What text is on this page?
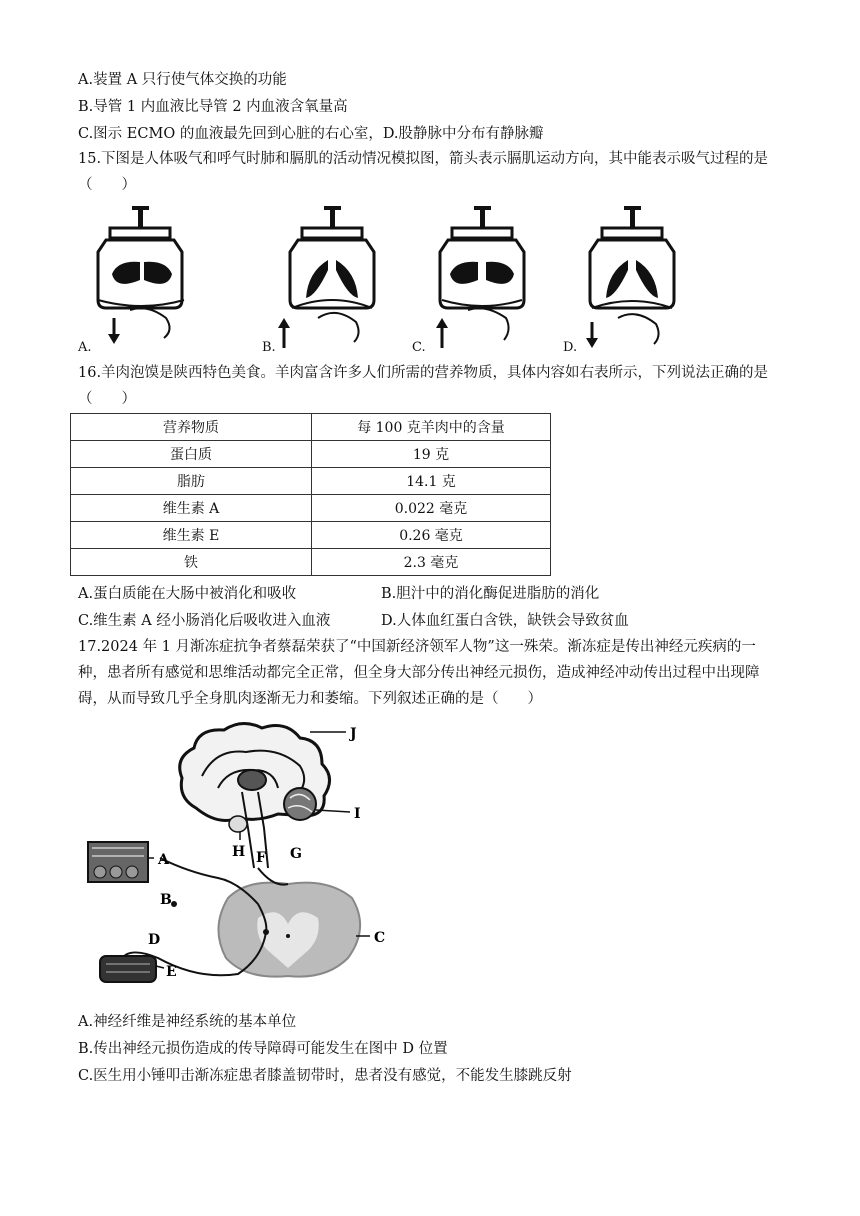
A.装置 A 只行使气体交换的功能
B.导管 1 内血液比导管 2 内血液含氧量高
C.图示 ECMO 的血液最先回到心脏的右心室，D.股静脉中分布有静脉瓣
15.下图是人体吸气和呼气时肺和膈肌的活动情况模拟图，箭头表示膈肌运动方向，其中能表示吸气过程的是（　　）
A.	B.	C.	D.
16.羊肉泡馍是陕西特色美食。羊肉富含许多人们所需的营养物质，具体内容如右表所示，下列说法正确的是（　　）
营养物质	每 100 克羊肉中的含量
蛋白质	19 克
脂肪	14.1 克
维生素 A	0.022 毫克
维生素 E	0.26 毫克
铁	2.3 毫克
A.蛋白质能在大肠中被消化和吸收	B.胆汁中的消化酶促进脂肪的消化
C.维生素 A 经小肠消化后吸收进入血液	D.人体血红蛋白含铁，缺铁会导致贫血
17.2024 年 1 月渐冻症抗争者蔡磊荣获了“中国新经济领军人物”这一殊荣。渐冻症是传出神经元疾病的一种，患者所有感觉和思维活动都完全正常，但全身大部分传出神经元损伤，造成神经冲动传出过程中出现障碍，从而导致几乎全身肌肉逐渐无力和萎缩。下列叙述正确的是（　　）
J
I
H F G
A
B
C
D
E
A.神经纤维是神经系统的基本单位
B.传出神经元损伤造成的传导障碍可能发生在图中 D 位置
C.医生用小锤叩击渐冻症患者膝盖韧带时，患者没有感觉，不能发生膝跳反射
